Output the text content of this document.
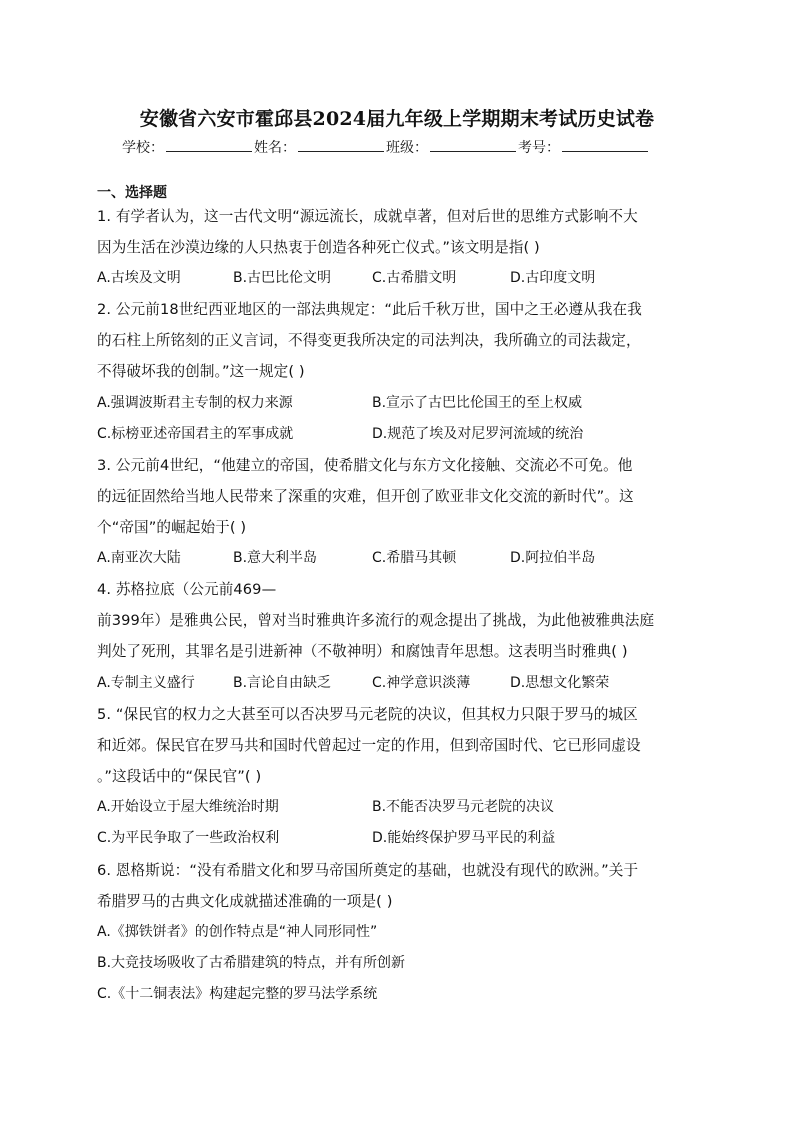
安徽省六安市霍邱县2024届九年级上学期期末考试历史试卷
学校：	姓名：	班级：	考号：
一、选择题
1. 有学者认为，这一古代文明“源远流长，成就卓著，但对后世的思维方式影响不大
因为生活在沙漠边缘的人只热衷于创造各种死亡仪式。”该文明是指( )
A.古埃及文明	B.古巴比伦文明	C.古希腊文明	D.古印度文明
2. 公元前18世纪西亚地区的一部法典规定：“此后千秋万世，国中之王必遵从我在我
的石柱上所铭刻的正义言词，不得变更我所决定的司法判决，我所确立的司法裁定，
不得破坏我的创制。”这一规定( )
A.强调波斯君主专制的权力来源	B.宣示了古巴比伦国王的至上权威
C.标榜亚述帝国君主的军事成就	D.规范了埃及对尼罗河流域的统治
3. 公元前4世纪，“他建立的帝国，使希腊文化与东方文化接触、交流必不可免。他
的远征固然给当地人民带来了深重的灾难，但开创了欧亚非文化交流的新时代”。这
个“帝国”的崛起始于( )
A.南亚次大陆	B.意大利半岛	C.希腊马其顿	D.阿拉伯半岛
4. 苏格拉底（公元前469—
前399年）是雅典公民，曾对当时雅典许多流行的观念提出了挑战，为此他被雅典法庭
判处了死刑，其罪名是引进新神（不敬神明）和腐蚀青年思想。这表明当时雅典( )
A.专制主义盛行	B.言论自由缺乏	C.神学意识淡薄	D.思想文化繁荣
5. “保民官的权力之大甚至可以否决罗马元老院的决议，但其权力只限于罗马的城区
和近郊。保民官在罗马共和国时代曾起过一定的作用，但到帝国时代、它已形同虚设
。”这段话中的“保民官”( )
A.开始设立于屋大维统治时期	B.不能否决罗马元老院的决议
C.为平民争取了一些政治权利	D.能始终保护罗马平民的利益
6. 恩格斯说：“没有希腊文化和罗马帝国所奠定的基础，也就没有现代的欧洲。”关于
希腊罗马的古典文化成就描述准确的一项是( )
A.《掷铁饼者》的创作特点是“神人同形同性”
B.大竞技场吸收了古希腊建筑的特点，并有所创新
C.《十二铜表法》构建起完整的罗马法学系统
